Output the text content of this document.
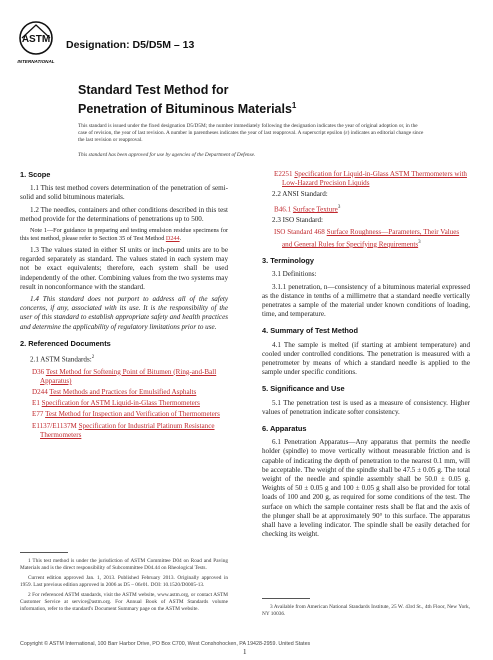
ASTM
INTERNATIONAL
Designation: D5/D5M – 13
Standard Test Method for
Penetration of Bituminous Materials$^1$
This standard is issued under the fixed designation D5/D5M; the number immediately following the designation indicates the year of original adoption or, in the case of revision, the year of last revision. A number in parentheses indicates the year of last reapproval. A superscript epsilon (ε) indicates an editorial change since the last revision or reapproval.
This standard has been approved for use by agencies of the Department of Defense.
1. Scope

1.1 This test method covers determination of the penetration of semi-solid and solid bituminous materials.

1.2 The needles, containers and other conditions described in this test method provide for the determinations of penetrations up to 500.

Note 1—For guidance in preparing and testing emulsion residue specimens for this test method, please refer to Section 35 of Test Method D244.

1.3 The values stated in either SI units or inch-pound units are to be regarded separately as standard. The values stated in each system may not be exact equivalents; therefore, each system shall be used independently of the other. Combining values from the two systems may result in nonconformance with the standard.

1.4 This standard does not purport to address all of the safety concerns, if any, associated with its use. It is the responsibility of the user of this standard to establish appropriate safety and health practices and determine the applicability of regulatory limitations prior to use.

2. Referenced Documents

2.1 ASTM Standards:$^2$

D36 Test Method for Softening Point of Bitumen (Ring-and-Ball Apparatus)
D244 Test Methods and Practices for Emulsified Asphalts
E1 Specification for ASTM Liquid-in-Glass Thermometers
E77 Test Method for Inspection and Verification of Thermometers
E1137/E1137M Specification for Industrial Platinum Resistance Thermometers

1 This test method is under the jurisdiction of ASTM Committee D04 on Road and Paving Materials and is the direct responsibility of Subcommittee D04.44 on Rheological Tests.

Current edition approved Jan. 1, 2013. Published February 2013. Originally approved in 1959. Last previous edition approved in 2006 as D5 – 06ε01. DOI: 10.1520/D0005-13.

2 For referenced ASTM standards, visit the ASTM website, www.astm.org, or contact ASTM Customer Service at service@astm.org. For Annual Book of ASTM Standards volume information, refer to the standard's Document Summary page on the ASTM website.

E2251 Specification for Liquid-in-Glass ASTM Thermometers with Low-Hazard Precision Liquids

2.2 ANSI Standard:

B46.1 Surface Texture$^3$

2.3 ISO Standard:

ISO Standard 468 Surface Roughness—Parameters, Their Values and General Rules for Specifying Requirements$^3$
3. Terminology

3.1 Definitions:

3.1.1 penetration, n—consistency of a bituminous material expressed as the distance in tenths of a millimetre that a standard needle vertically penetrates a sample of the material under known conditions of loading, time, and temperature.

4. Summary of Test Method

4.1 The sample is melted (if starting at ambient temperature) and cooled under controlled conditions. The penetration is measured with a penetrometer by means of which a standard needle is applied to the sample under specific conditions.

5. Significance and Use

5.1 The penetration test is used as a measure of consistency. Higher values of penetration indicate softer consistency.

6. Apparatus

6.1 Penetration Apparatus—Any apparatus that permits the needle holder (spindle) to move vertically without measurable friction and is capable of indicating the depth of penetration to the nearest 0.1 mm, will be acceptable. The weight of the spindle shall be 47.5 ± 0.05 g. The total weight of the needle and spindle assembly shall be 50.0 ± 0.05 g. Weights of 50 ± 0.05 g and 100 ± 0.05 g shall also be provided for total loads of 100 and 200 g, as required for some conditions of the test. The surface on which the sample container rests shall be flat and the axis of the plunger shall be at approximately 90° to this surface. The apparatus shall have a leveling indicator. The spindle shall be easily detached for checking its weight.

3 Available from American National Standards Institute, 25 W. 43rd St., 4th Floor, New York, NY 10036.

Copyright © ASTM International, 100 Barr Harbor Drive, PO Box C700, West Conshohocken, PA 19428-2959. United States
1
